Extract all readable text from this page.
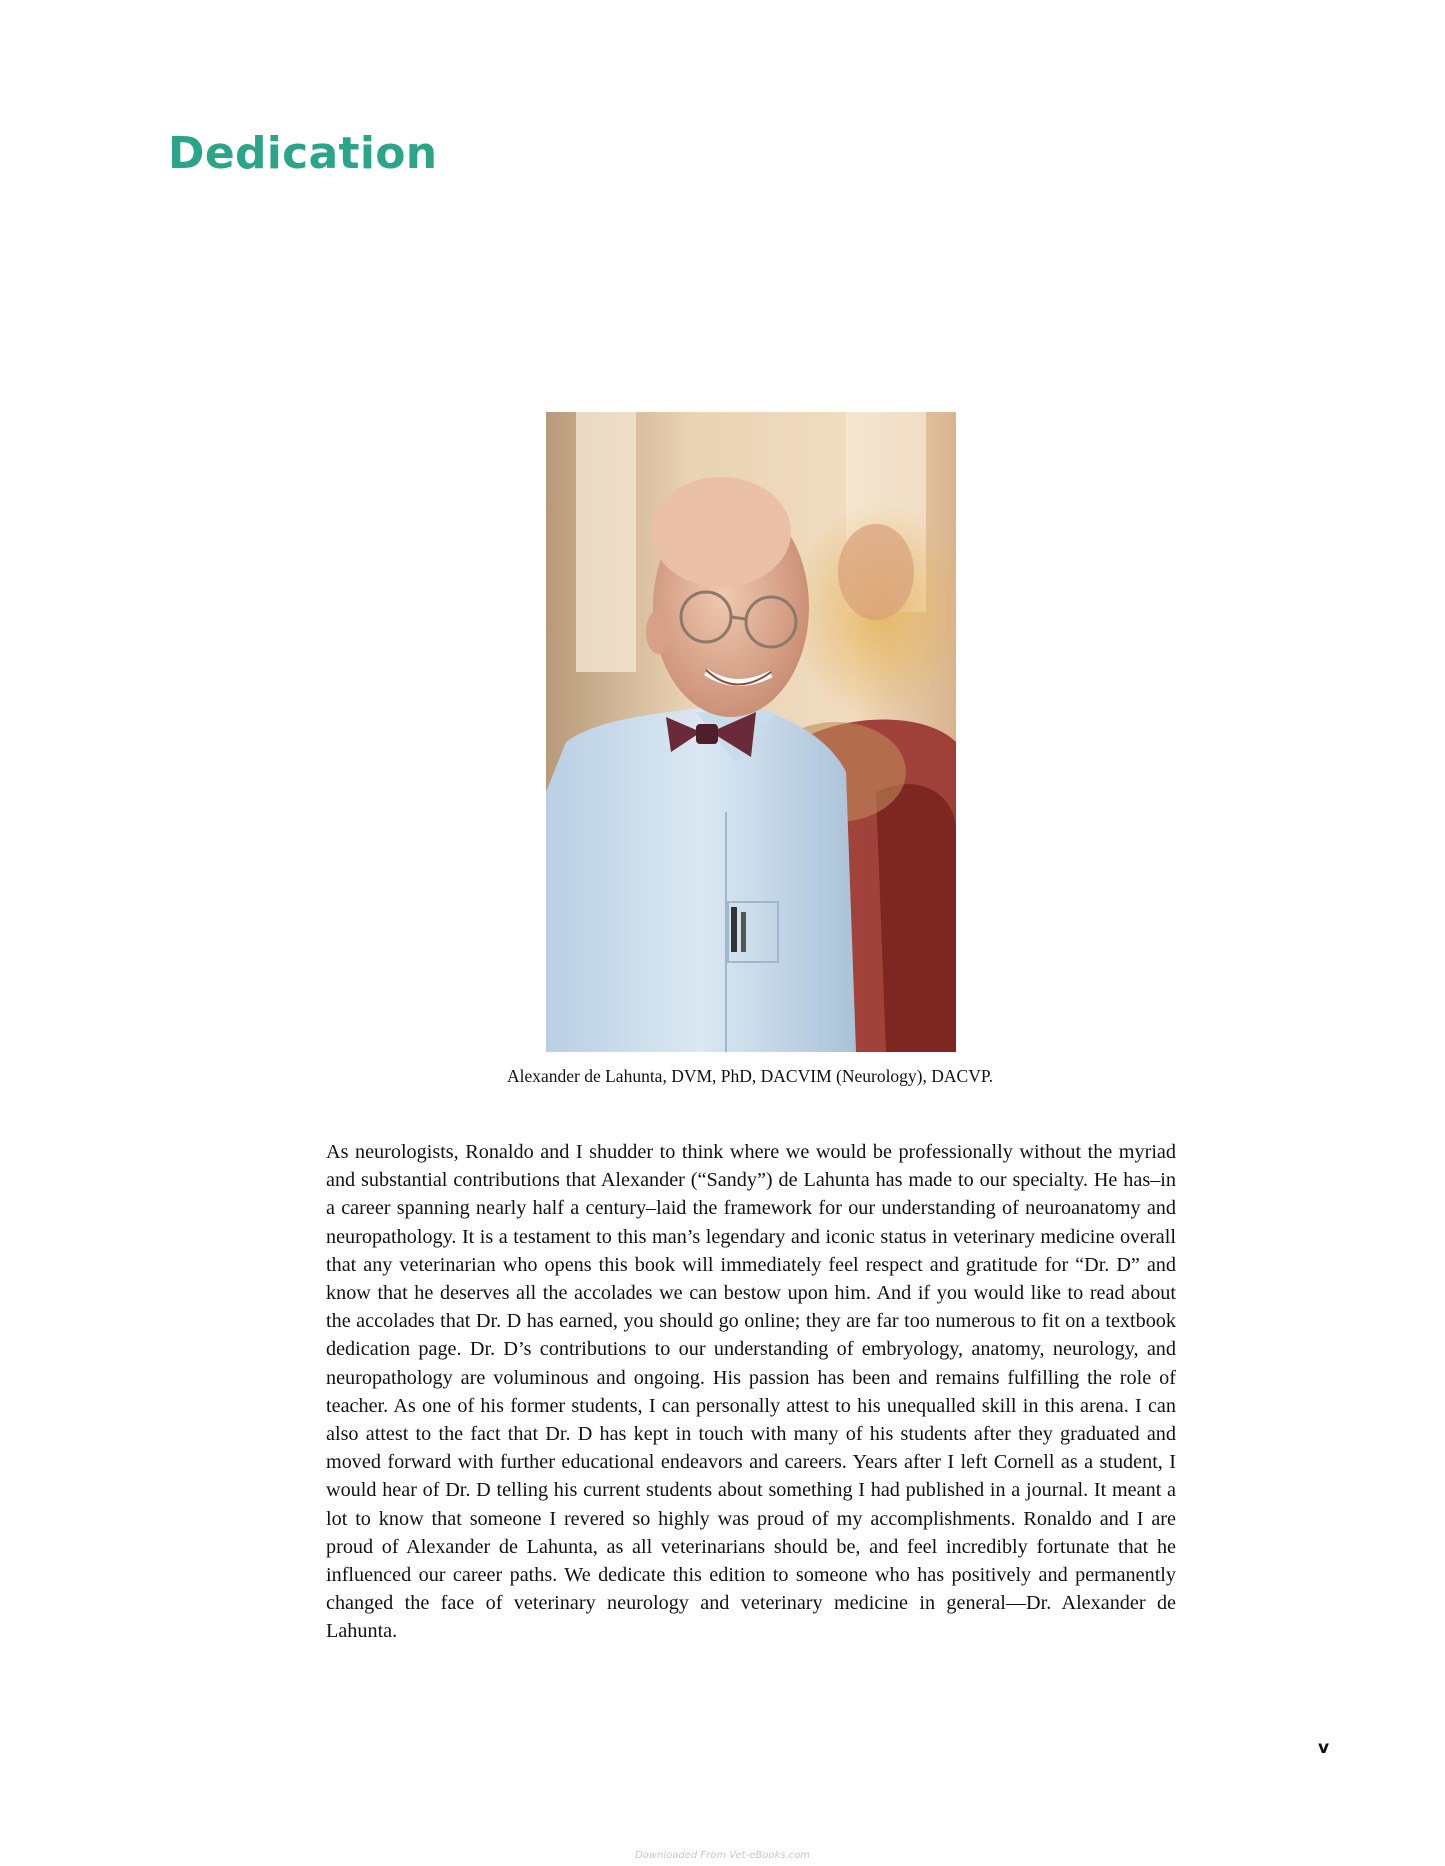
Dedication
Alexander de Lahunta, DVM, PhD, DACVIM (Neurology), DACVP.

As neurologists, Ronaldo and I shudder to think where we would be professionally without the myriad and substantial contributions that Alexander (“Sandy”) de Lahunta has made to our specialty. He has–in a career spanning nearly half a century–laid the framework for our understanding of neuroanatomy and neuropathology. It is a testament to this man’s legendary and iconic status in veterinary medicine overall that any veterinarian who opens this book will immediately feel respect and gratitude for “Dr. D” and know that he deserves all the accolades we can bestow upon him. And if you would like to read about the accolades that Dr. D has earned, you should go online; they are far too numerous to fit on a textbook dedication page. Dr. D’s contributions to our understanding of embryology, anatomy, neurology, and neuropathology are voluminous and ongoing. His passion has been and remains fulfilling the role of teacher. As one of his former students, I can personally attest to his unequalled skill in this arena. I can also attest to the fact that Dr. D has kept in touch with many of his students after they graduated and moved forward with further educational endeavors and careers. Years after I left Cornell as a student, I would hear of Dr. D telling his current students about something I had published in a journal. It meant a lot to know that someone I revered so highly was proud of my accomplishments. Ronaldo and I are proud of Alexander de Lahunta, as all veterinarians should be, and feel incredibly fortunate that he influenced our career paths. We dedicate this edition to someone who has positively and permanently changed the face of veterinary neurology and veterinary medicine in general—Dr. Alexander de Lahunta.

v
Downloaded From Vet-eBooks.com
